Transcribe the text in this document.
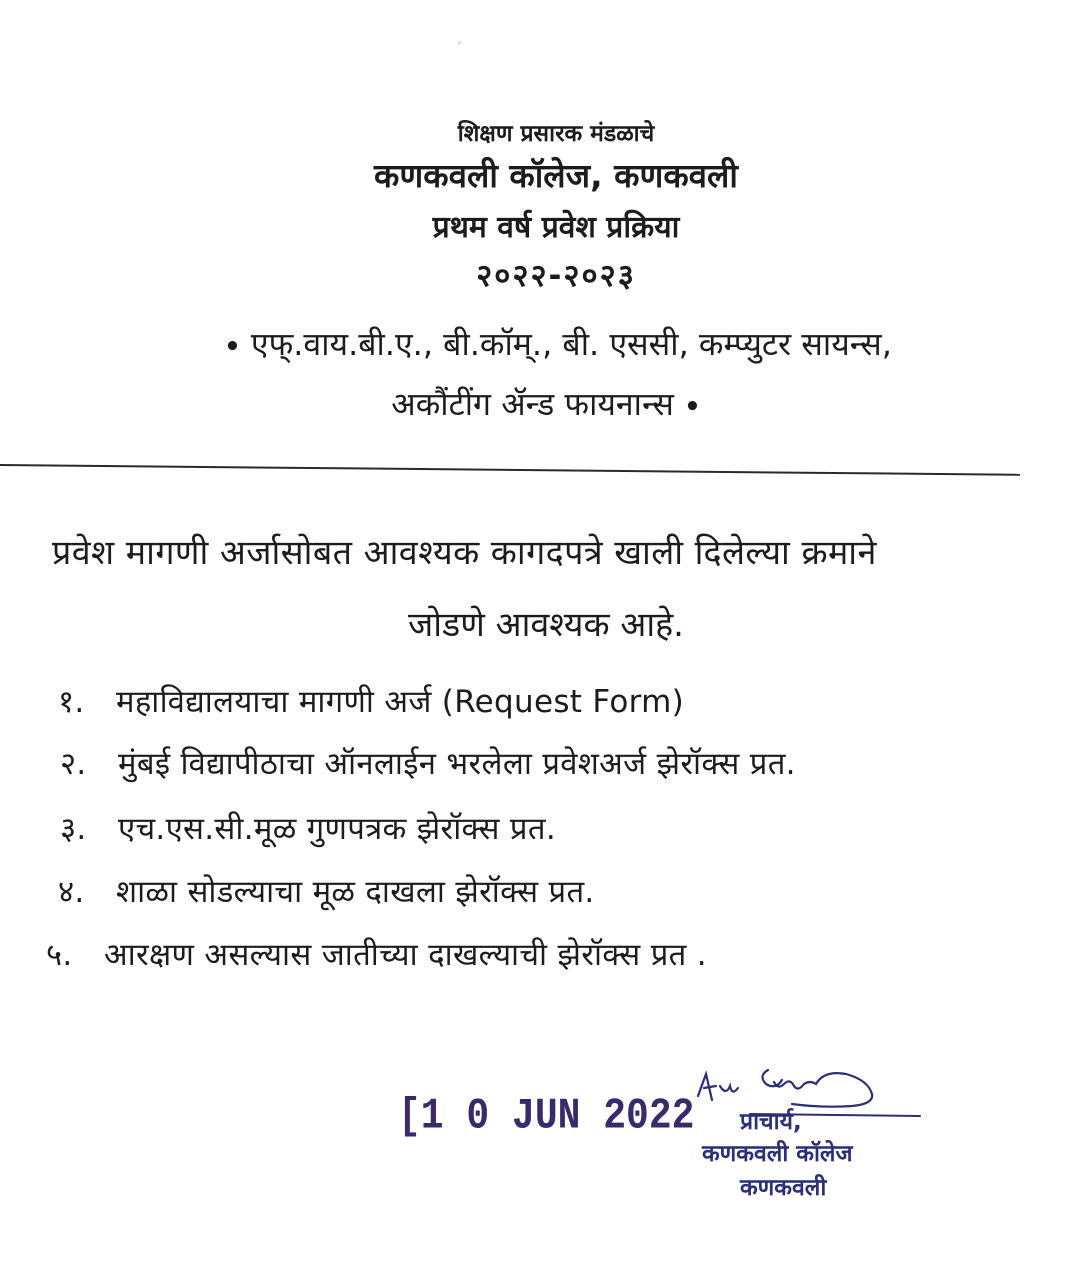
ᐟ
शिक्षण प्रसारक मंडळाचे
कणकवली कॉलेज, कणकवली
प्रथम वर्ष प्रवेश प्रक्रिया
२०२२-२०२३
• एफ्.वाय.बी.ए., बी.कॉम्., बी. एससी, कम्प्युटर सायन्स,
अकौंटींग ॲन्ड फायनान्स •
प्रवेश मागणी अर्जासोबत आवश्यक कागदपत्रे खाली दिलेल्या क्रमाने
जोडणे आवश्यक आहे.
१. महाविद्यालयाचा मागणी अर्ज (Request Form)
२. मुंबई विद्यापीठाचा ऑनलाईन भरलेला प्रवेशअर्ज झेरॉक्स प्रत.
३. एच.एस.सी.मूळ गुणपत्रक झेरॉक्स प्रत.
४. शाळा सोडल्याचा मूळ दाखला झेरॉक्स प्रत.
५. आरक्षण असल्यास जातीच्या दाखल्याची झेरॉक्स प्रत .
[1 0 JUN 2022 प्राचार्य,
कणकवली कॉलेज
कणकवली
